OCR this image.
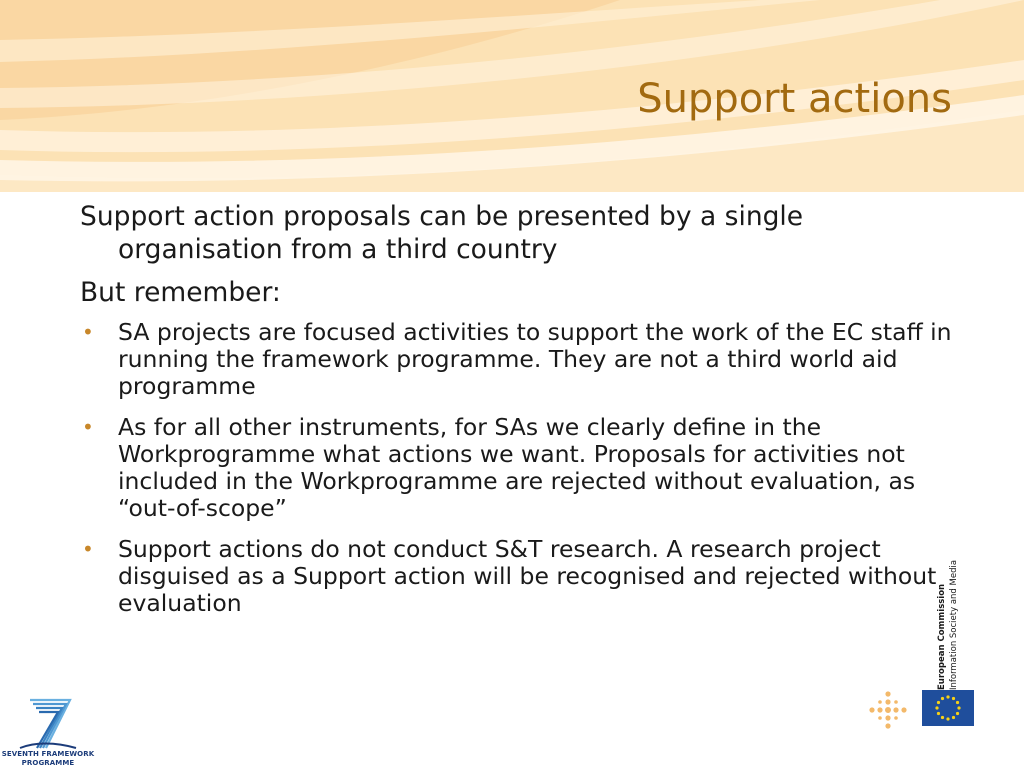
Support actions

Support action proposals can be presented by a single organisation from a third country

But remember:

• SA projects are focused activities to support the work of the EC staff in running the framework programme. They are not a third world aid programme
• As for all other instruments, for SAs we clearly define in the Workprogramme what actions we want. Proposals for activities not included in the Workprogramme are rejected without evaluation, as “out-of-scope”
• Support actions do not conduct S&T research. A research project disguised as a Support action will be recognised and rejected without evaluation
SEVENTH FRAMEWORK
PROGRAMME
European Commission Information Society and Media
